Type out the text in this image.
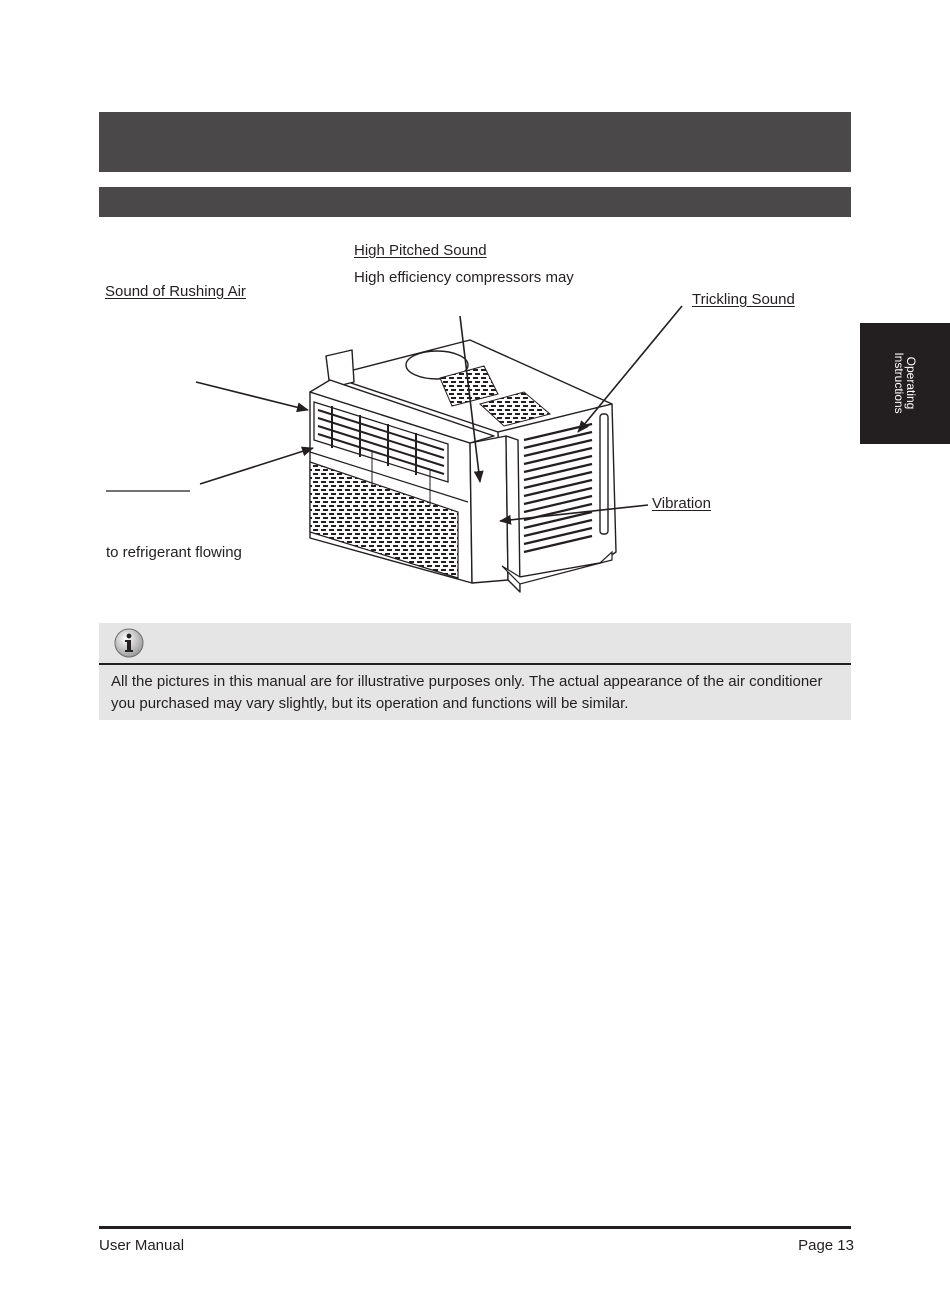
Operating
Instructions
High Pitched Sound
High efficiency compressors may
Sound of Rushing Air	Trickling Sound
Vibration
to refrigerant flowing
All the pictures in this manual are for illustrative purposes only. The actual appearance of the air conditioner you purchased may vary slightly, but its operation and functions will be similar.
User Manual	Page 13
